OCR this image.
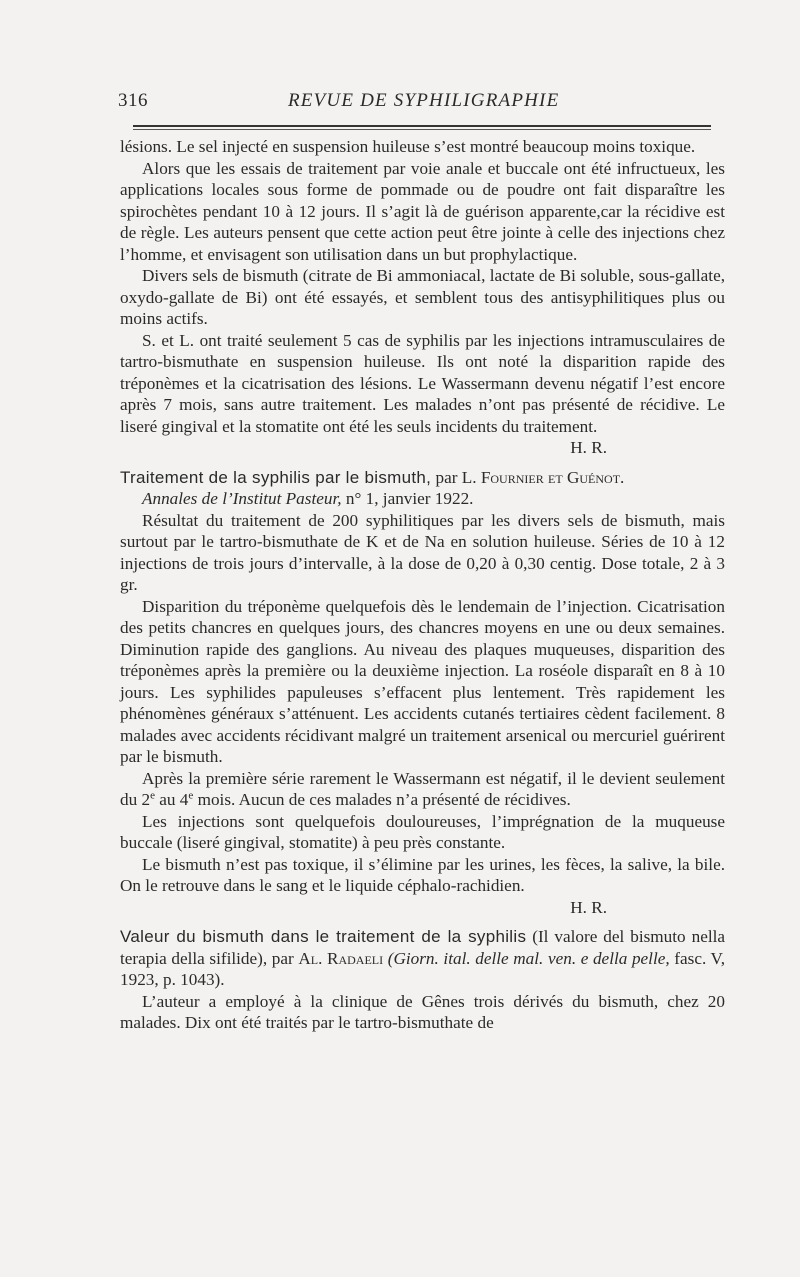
316	REVUE DE SYPHILIGRAPHIE

lésions. Le sel injecté en suspension huileuse s’est montré beaucoup moins toxique.

Alors que les essais de traitement par voie anale et buccale ont été infructueux, les applications locales sous forme de pommade ou de poudre ont fait disparaître les spirochètes pendant 10 à 12 jours. Il s’agit là de guérison apparente,car la récidive est de règle. Les auteurs pensent que cette action peut être jointe à celle des injections chez l’homme, et envisagent son utilisation dans un but prophylactique.

Divers sels de bismuth (citrate de Bi ammoniacal, lactate de Bi soluble, sous-gallate, oxydo-gallate de Bi) ont été essayés, et semblent tous des antisyphilitiques plus ou moins actifs.

S. et L. ont traité seulement 5 cas de syphilis par les injections intramusculaires de tartro-bismuthate en suspension huileuse. Ils ont noté la disparition rapide des tréponèmes et la cicatrisation des lésions. Le Wassermann devenu négatif l’est encore après 7 mois, sans autre traitement. Les malades n’ont pas présenté de récidive. Le liseré gingival et la stomatite ont été les seuls incidents du traitement.

H. R.

Traitement de la syphilis par le bismuth, par L. Fournier et Guénot.

Annales de l’Institut Pasteur, n° 1, janvier 1922.

Résultat du traitement de 200 syphilitiques par les divers sels de bismuth, mais surtout par le tartro-bismuthate de K et de Na en solution huileuse. Séries de 10 à 12 injections de trois jours d’intervalle, à la dose de 0,20 à 0,30 centig. Dose totale, 2 à 3 gr.

Disparition du tréponème quelquefois dès le lendemain de l’injection. Cicatrisation des petits chancres en quelques jours, des chancres moyens en une ou deux semaines. Diminution rapide des ganglions. Au niveau des plaques muqueuses, disparition des tréponèmes après la première ou la deuxième injection. La roséole disparaît en 8 à 10 jours. Les syphilides papuleuses s’effacent plus lentement. Très rapidement les phénomènes généraux s’atténuent. Les accidents cutanés tertiaires cèdent facilement. 8 malades avec accidents récidivant malgré un traitement arsenical ou mercuriel guérirent par le bismuth.

Après la première série rarement le Wassermann est négatif, il le devient seulement du 2e au 4e mois. Aucun de ces malades n’a présenté de récidives.

Les injections sont quelquefois douloureuses, l’imprégnation de la muqueuse buccale (liseré gingival, stomatite) à peu près constante.

Le bismuth n’est pas toxique, il s’élimine par les urines, les fèces, la salive, la bile. On le retrouve dans le sang et le liquide céphalo-rachidien.

H. R.

Valeur du bismuth dans le traitement de la syphilis (Il valore del bismuto nella terapia della sifilide), par Al. Radaeli (Giorn. ital. delle mal. ven. e della pelle, fasc. V, 1923, p. 1043).

L’auteur a employé à la clinique de Gênes trois dérivés du bismuth, chez 20 malades. Dix ont été traités par le tartro-bismuthate de
